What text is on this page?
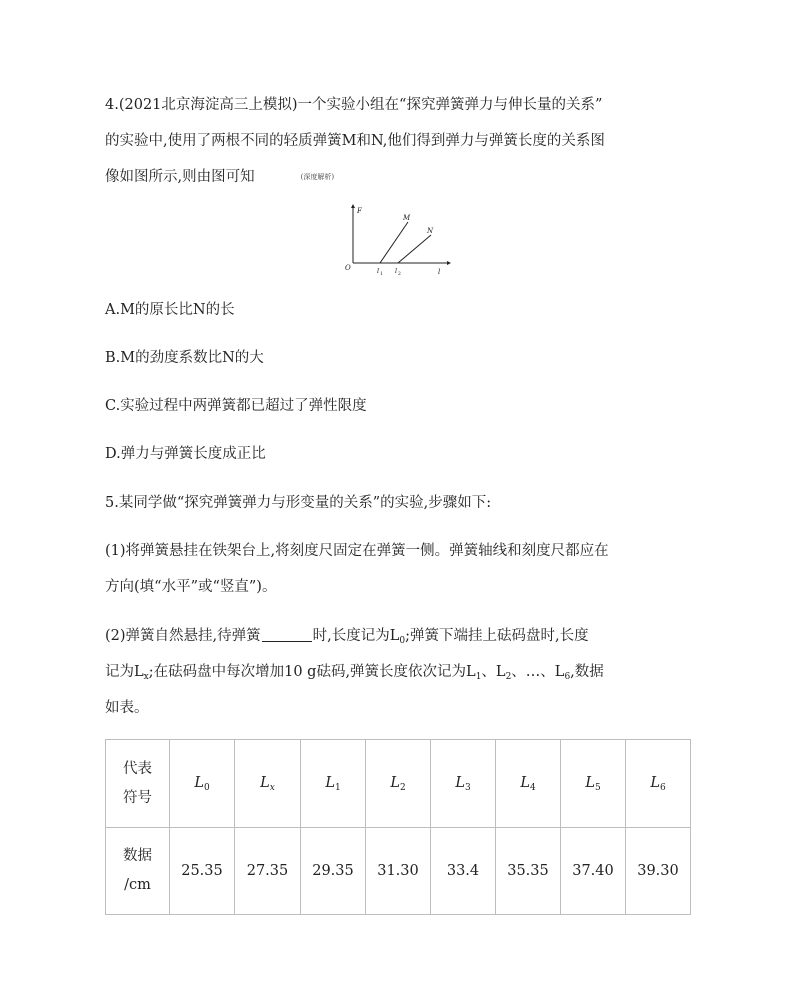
4.(2021北京海淀高三上模拟)一个实验小组在“探究弹簧弹力与伸长量的关系”
的实验中,使用了两根不同的轻质弹簧M和N,他们得到弹力与弹簧长度的关系图
像如图所示,则由图可知	(深度解析)
F
O	l
M
N
l 1 l 2
A.M的原长比N的长
B.M的劲度系数比N的大
C.实验过程中两弹簧都已超过了弹性限度
D.弹力与弹簧长度成正比
5.某同学做“探究弹簧弹力与形变量的关系”的实验,步骤如下:
(1)将弹簧悬挂在铁架台上,将刻度尺固定在弹簧一侧。弹簧轴线和刻度尺都应在
方向(填“水平”或“竖直”)。
(2)弹簧自然悬挂,待弹簧	时,长度记为$L_0$;弹簧下端挂上砝码盘时,长度
记为$L_x$;在砝码盘中每次增加10 g砝码,弹簧长度依次记为$L_1$、$L_2$、…、$L_6$,数据
如表。
代表
符号	$L_0$	$L_x$	$L_1$	$L_2$	$L_3$	$L_4$	$L_5$	$L_6$

数据
/cm	25.35	27.35	29.35	31.30	33.4	35.35	37.40	39.30
